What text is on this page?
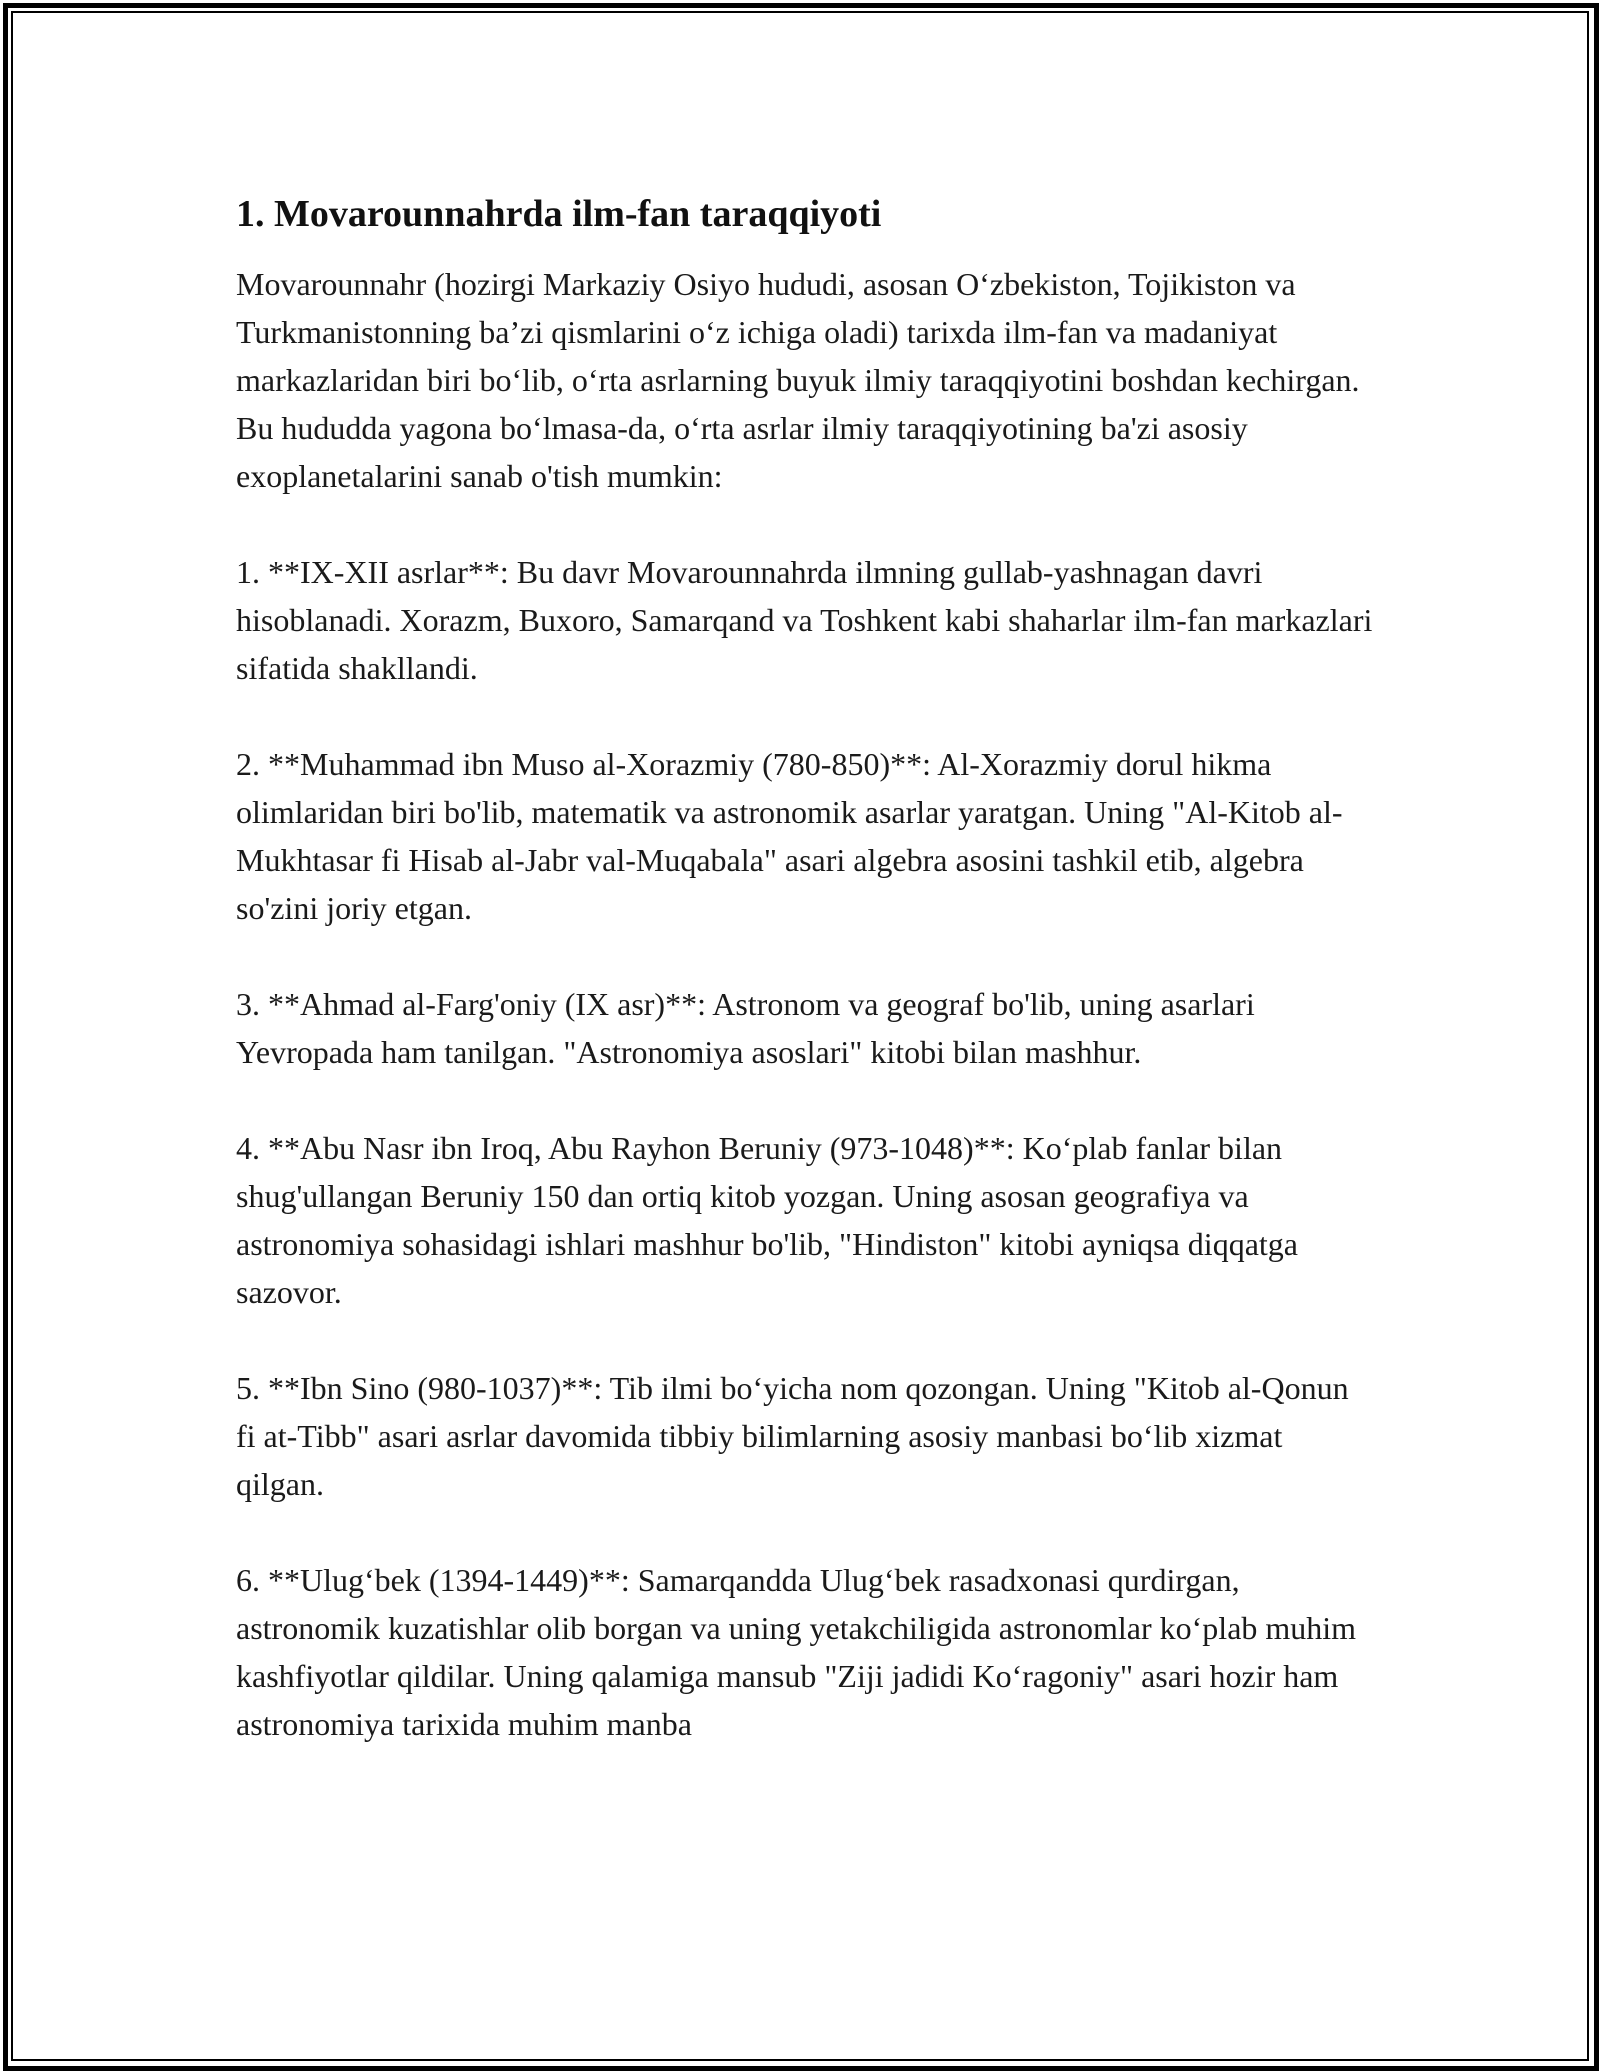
1. Movarounnahrda ilm-fan taraqqiyoti

Movarounnahr (hozirgi Markaziy Osiyo hududi, asosan O‘zbekiston, Tojikiston va Turkmanistonning ba’zi qismlarini o‘z ichiga oladi) tarixda ilm-fan va madaniyat markazlaridan biri bo‘lib, o‘rta asrlarning buyuk ilmiy taraqqiyotini boshdan kechirgan. Bu hududda yagona bo‘lmasa-da, o‘rta asrlar ilmiy taraqqiyotining ba'zi asosiy exoplanetalarini sanab o'tish mumkin:

1. **IX-XII asrlar**: Bu davr Movarounnahrda ilmning gullab-yashnagan davri hisoblanadi. Xorazm, Buxoro, Samarqand va Toshkent kabi shaharlar ilm-fan markazlari sifatida shakllandi.

2. **Muhammad ibn Muso al-Xorazmiy (780-850)**: Al-Xorazmiy dorul hikma olimlaridan biri bo'lib, matematik va astronomik asarlar yaratgan. Uning "Al-Kitob al-Mukhtasar fi Hisab al-Jabr val-Muqabala" asari algebra asosini tashkil etib, algebra so'zini joriy etgan.

3. **Ahmad al-Farg'oniy (IX asr)**: Astronom va geograf bo'lib, uning asarlari Yevropada ham tanilgan. "Astronomiya asoslari" kitobi bilan mashhur.

4. **Abu Nasr ibn Iroq, Abu Rayhon Beruniy (973-1048)**: Ko‘plab fanlar bilan shug'ullangan Beruniy 150 dan ortiq kitob yozgan. Uning asosan geografiya va astronomiya sohasidagi ishlari mashhur bo'lib, "Hindiston" kitobi ayniqsa diqqatga sazovor.

5. **Ibn Sino (980-1037)**: Tib ilmi bo‘yicha nom qozongan. Uning "Kitob al-Qonun fi at-Tibb" asari asrlar davomida tibbiy bilimlarning asosiy manbasi bo‘lib xizmat qilgan.

6. **Ulug‘bek (1394-1449)**: Samarqandda Ulug‘bek rasadxonasi qurdirgan, astronomik kuzatishlar olib borgan va uning yetakchiligida astronomlar ko‘plab muhim kashfiyotlar qildilar. Uning qalamiga mansub "Ziji jadidi Ko‘ragoniy" asari hozir ham astronomiya tarixida muhim manba
